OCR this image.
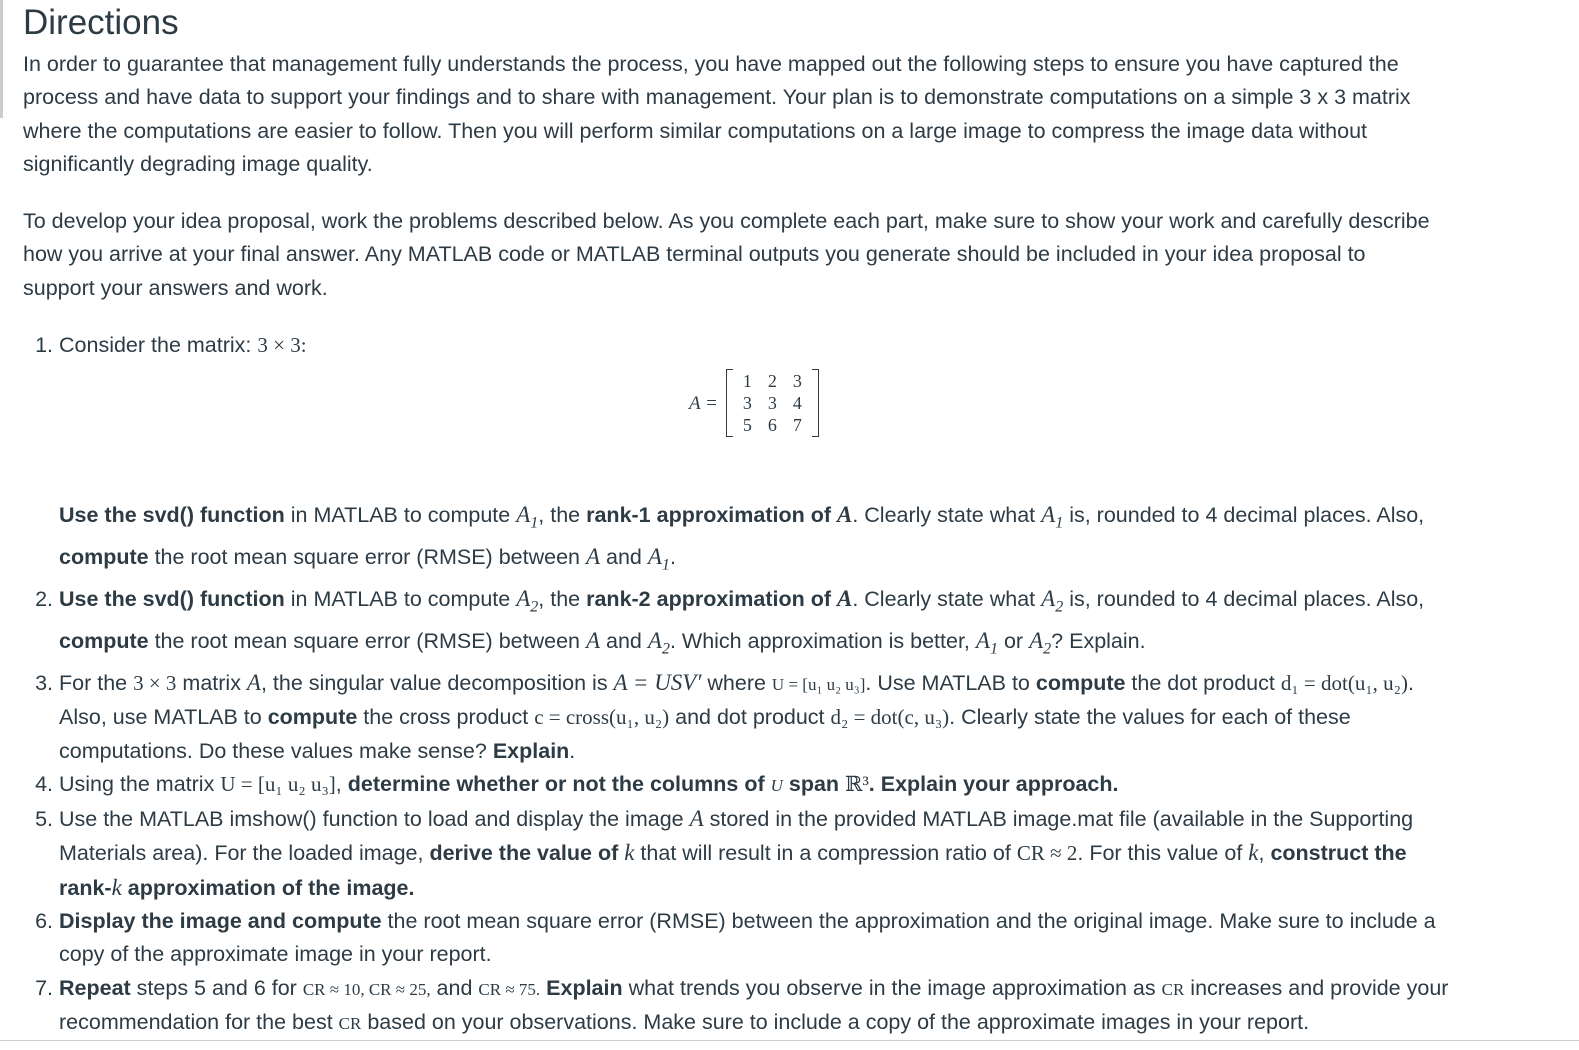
Directions

In order to guarantee that management fully understands the process, you have mapped out the following steps to ensure you have captured the process and have data to support your findings and to share with management. Your plan is to demonstrate computations on a simple 3 x 3 matrix where the computations are easier to follow. Then you will perform similar computations on a large image to compress the image data without significantly degrading image quality.

To develop your idea proposal, work the problems described below. As you complete each part, make sure to show your work and carefully describe how you arrive at your final answer. Any MATLAB code or MATLAB terminal outputs you generate should be included in your idea proposal to support your answers and work.

1. Consider the matrix: 3 × 3:
A =
1	2	3
3	3	4
5	6	7
Use the svd() function in MATLAB to compute $A_1$, the rank-1 approximation of A. Clearly state what $A_1$ is, rounded to 4 decimal places. Also, compute the root mean square error (RMSE) between A and $A_1$.
2. Use the svd() function in MATLAB to compute $A_2$, the rank-2 approximation of A. Clearly state what $A_2$ is, rounded to 4 decimal places. Also, compute the root mean square error (RMSE) between A and $A_2$. Which approximation is better, $A_1$ or $A_2$? Explain.
3. For the 3 × 3 matrix A, the singular value decomposition is A = USV′ where U = [u₁ u₂ u₃]. Use MATLAB to compute the dot product d₁ = dot(u₁, u₂). Also, use MATLAB to compute the cross product c = cross(u₁, u₂) and dot product d₂ = dot(c, u₃). Clearly state the values for each of these computations. Do these values make sense? Explain.
4. Using the matrix U = [u₁ u₂ u₃], determine whether or not the columns of U span ℝ³. Explain your approach.
5. Use the MATLAB imshow() function to load and display the image A stored in the provided MATLAB image.mat file (available in the Supporting Materials area). For the loaded image, derive the value of k that will result in a compression ratio of CR ≈ 2. For this value of k, construct the rank-k approximation of the image.
6. Display the image and compute the root mean square error (RMSE) between the approximation and the original image. Make sure to include a copy of the approximate image in your report.
7. Repeat steps 5 and 6 for CR ≈ 10, CR ≈ 25, and CR ≈ 75. Explain what trends you observe in the image approximation as CR increases and provide your recommendation for the best CR based on your observations. Make sure to include a copy of the approximate images in your report.
